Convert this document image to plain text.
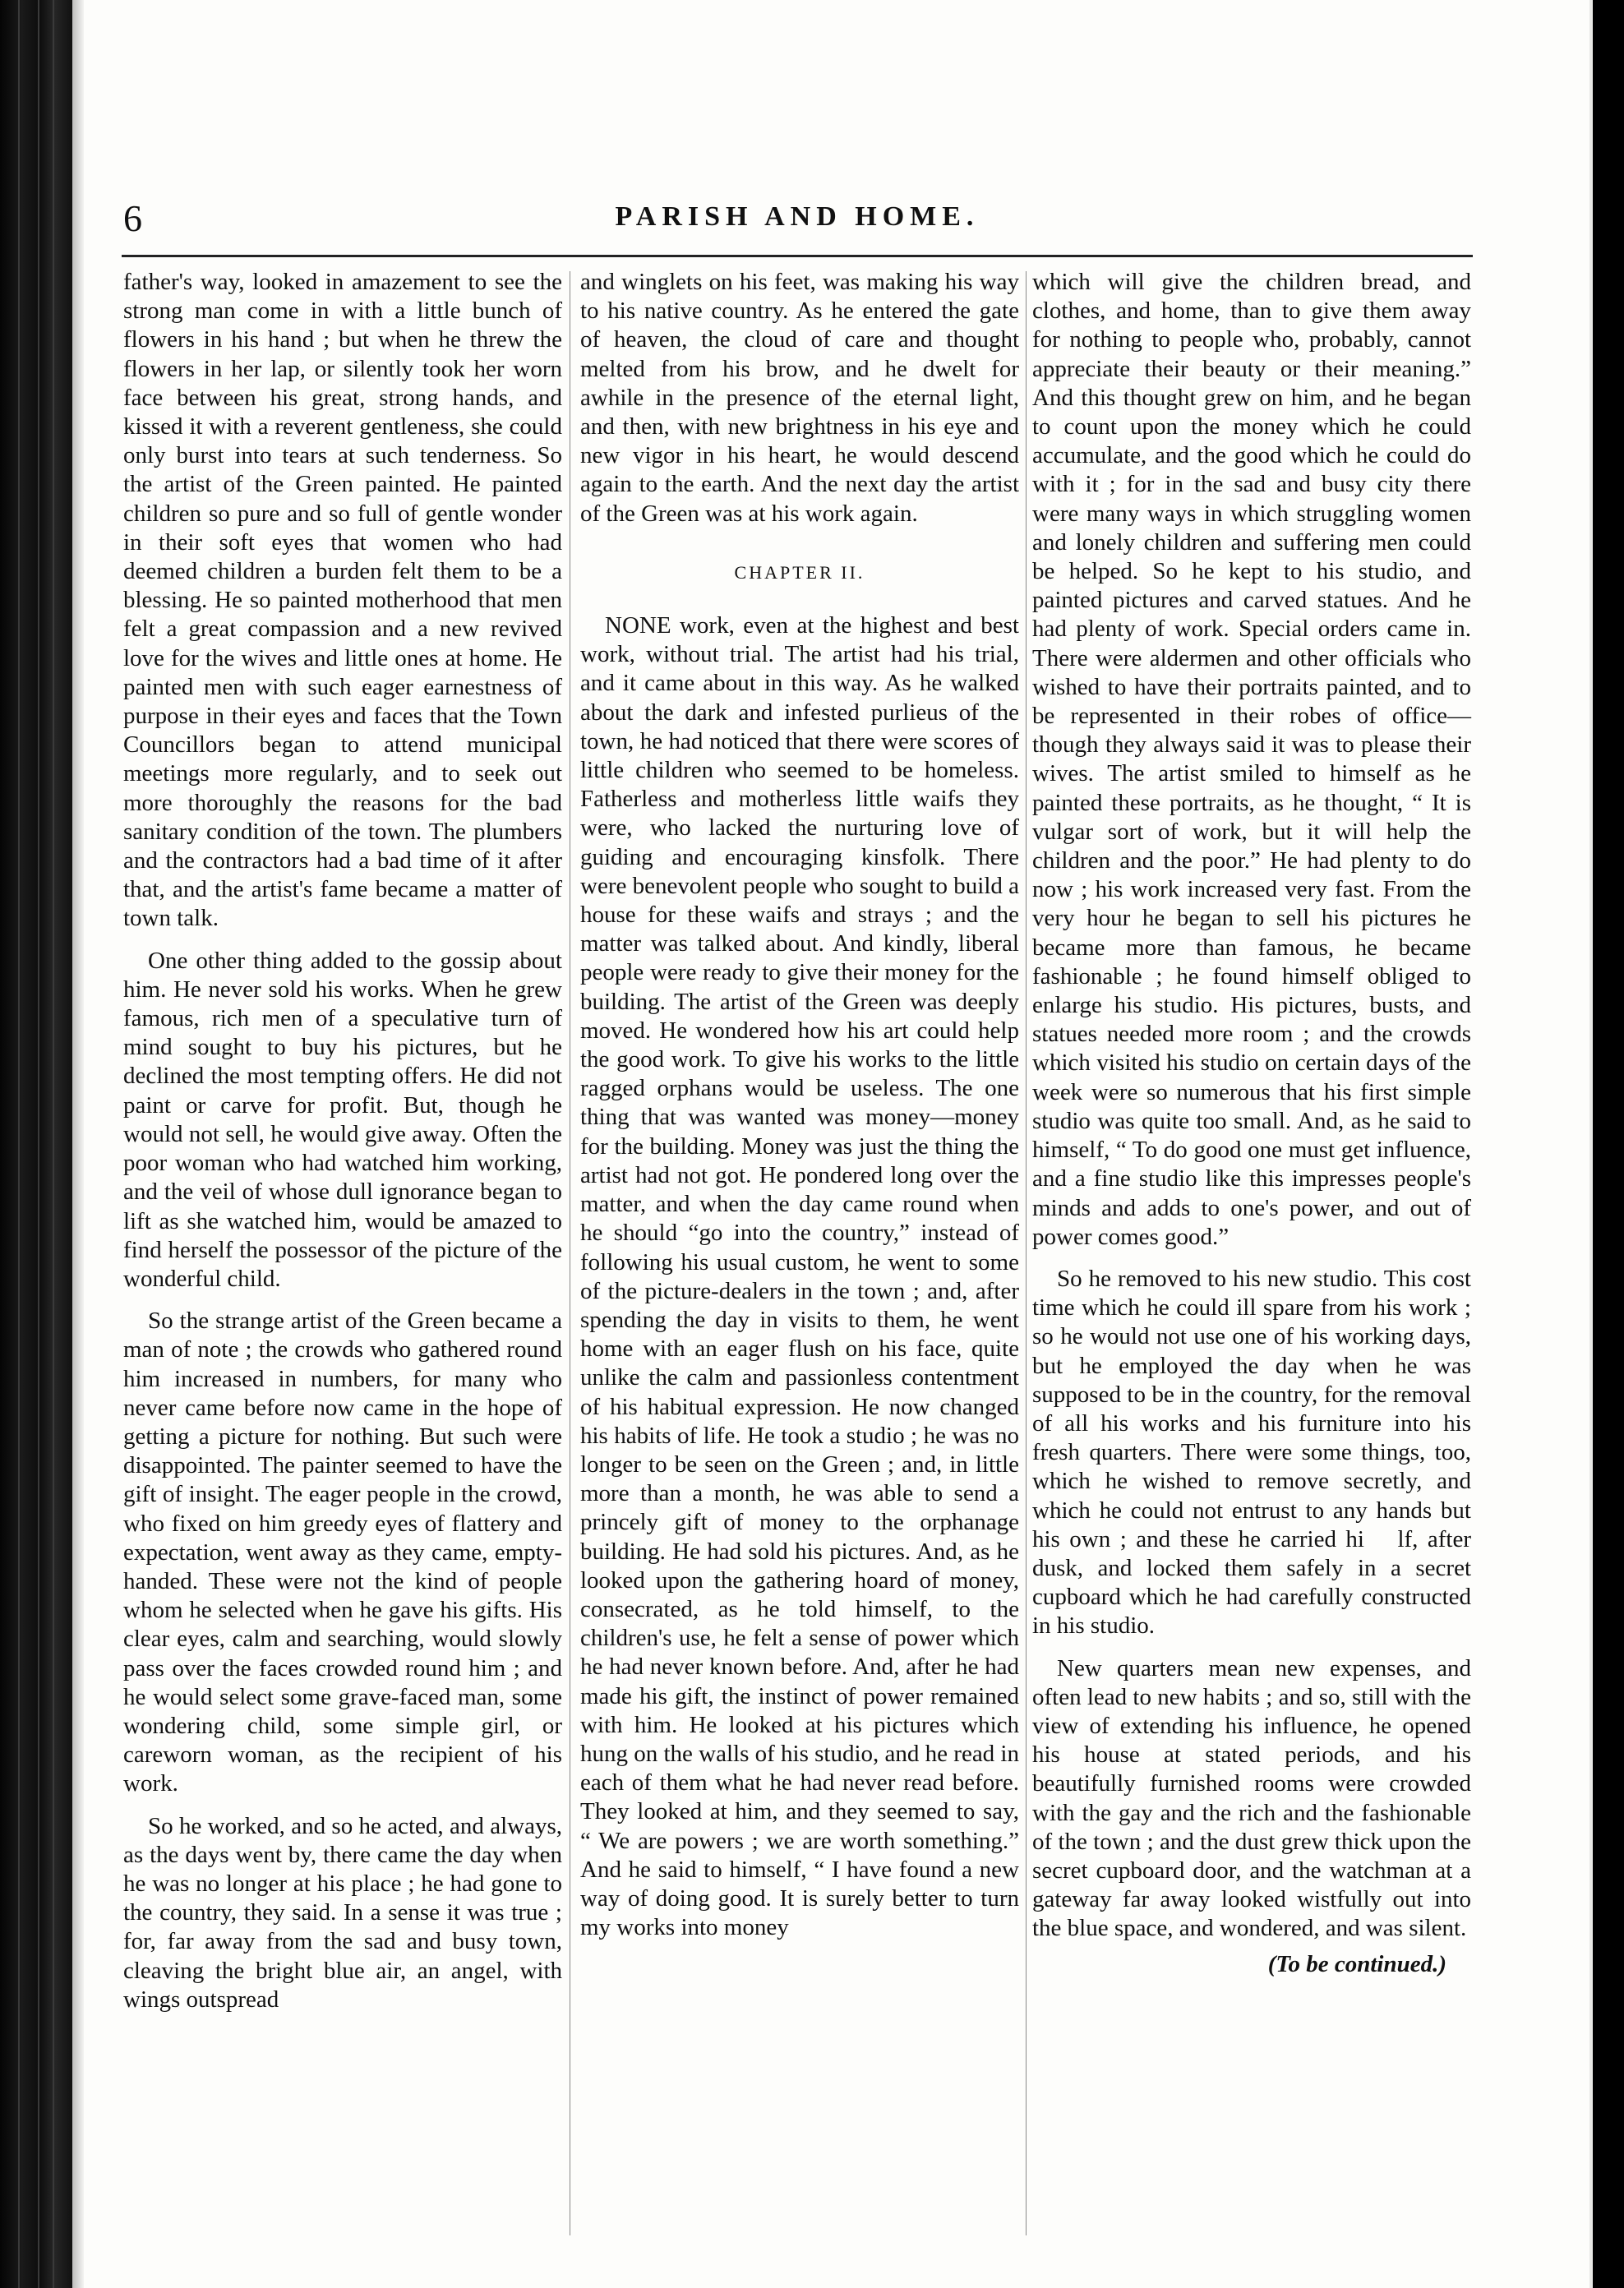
6	PARISH AND HOME.

father's way, looked in amazement to see the strong man come in with a little bunch of flowers in his hand ; but when he threw the flowers in her lap, or silently took her worn face between his great, strong hands, and kissed it with a reverent gentleness, she could only burst into tears at such tenderness. So the artist of the Green painted. He painted children so pure and so full of gentle wonder in their soft eyes that women who had deemed children a burden felt them to be a blessing. He so painted motherhood that men felt a great compassion and a new revived love for the wives and little ones at home. He painted men with such eager earnestness of purpose in their eyes and faces that the Town Councillors began to attend municipal meetings more regularly, and to seek out more thoroughly the reasons for the bad sanitary condition of the town. The plumbers and the contractors had a bad time of it after that, and the artist's fame became a matter of town talk.

One other thing added to the gossip about him. He never sold his works. When he grew famous, rich men of a speculative turn of mind sought to buy his pictures, but he declined the most tempting offers. He did not paint or carve for profit. But, though he would not sell, he would give away. Often the poor woman who had watched him working, and the veil of whose dull ignorance began to lift as she watched him, would be amazed to find herself the possessor of the picture of the wonderful child.

So the strange artist of the Green became a man of note ; the crowds who gathered round him increased in numbers, for many who never came before now came in the hope of getting a picture for nothing. But such were disappointed. The painter seemed to have the gift of insight. The eager people in the crowd, who fixed on him greedy eyes of flattery and expectation, went away as they came, empty-handed. These were not the kind of people whom he selected when he gave his gifts. His clear eyes, calm and searching, would slowly pass over the faces crowded round him ; and he would select some grave-faced man, some wondering child, some simple girl, or careworn woman, as the recipient of his work.

So he worked, and so he acted, and always, as the days went by, there came the day when he was no longer at his place ; he had gone to the country, they said. In a sense it was true ; for, far away from the sad and busy town, cleaving the bright blue air, an angel, with wings outspread

and winglets on his feet, was making his way to his native country. As he entered the gate of heaven, the cloud of care and thought melted from his brow, and he dwelt for awhile in the presence of the eternal light, and then, with new brightness in his eye and new vigor in his heart, he would descend again to the earth. And the next day the artist of the Green was at his work again.

CHAPTER II.

NONE work, even at the highest and best work, without trial. The artist had his trial, and it came about in this way. As he walked about the dark and infested purlieus of the town, he had noticed that there were scores of little children who seemed to be homeless. Fatherless and motherless little waifs they were, who lacked the nurturing love of guiding and encouraging kinsfolk. There were benevolent people who sought to build a house for these waifs and strays ; and the matter was talked about. And kindly, liberal people were ready to give their money for the building. The artist of the Green was deeply moved. He wondered how his art could help the good work. To give his works to the little ragged orphans would be useless. The one thing that was wanted was money—money for the building. Money was just the thing the artist had not got. He pondered long over the matter, and when the day came round when he should “go into the country,” instead of following his usual custom, he went to some of the picture-dealers in the town ; and, after spending the day in visits to them, he went home with an eager flush on his face, quite unlike the calm and passionless contentment of his habitual expression. He now changed his habits of life. He took a studio ; he was no longer to be seen on the Green ; and, in little more than a month, he was able to send a princely gift of money to the orphanage building. He had sold his pictures. And, as he looked upon the gathering hoard of money, consecrated, as he told himself, to the children's use, he felt a sense of power which he had never known before. And, after he had made his gift, the instinct of power remained with him. He looked at his pictures which hung on the walls of his studio, and he read in each of them what he had never read before. They looked at him, and they seemed to say, “ We are powers ; we are worth something.” And he said to himself, “ I have found a new way of doing good. It is surely better to turn my works into money

which will give the children bread, and clothes, and home, than to give them away for nothing to people who, probably, cannot appreciate their beauty or their meaning.” And this thought grew on him, and he began to count upon the money which he could accumulate, and the good which he could do with it ; for in the sad and busy city there were many ways in which struggling women and lonely children and suffering men could be helped. So he kept to his studio, and painted pictures and carved statues. And he had plenty of work. Special orders came in. There were aldermen and other officials who wished to have their portraits painted, and to be represented in their robes of office—though they always said it was to please their wives. The artist smiled to himself as he painted these portraits, as he thought, “ It is vulgar sort of work, but it will help the children and the poor.” He had plenty to do now ; his work increased very fast. From the very hour he began to sell his pictures he became more than famous, he became fashionable ; he found himself obliged to enlarge his studio. His pictures, busts, and statues needed more room ; and the crowds which visited his studio on certain days of the week were so numerous that his first simple studio was quite too small. And, as he said to himself, “ To do good one must get influence, and a fine studio like this impresses people's minds and adds to one's power, and out of power comes good.”

So he removed to his new studio. This cost time which he could ill spare from his work ; so he would not use one of his working days, but he employed the day when he was supposed to be in the country, for the removal of all his works and his furniture into his fresh quarters. There were some things, too, which he wished to remove secretly, and which he could not entrust to any hands but his own ; and these he carried hi  lf, after dusk, and locked them safely in a secret cupboard which he had carefully constructed in his studio.

New quarters mean new expenses, and often lead to new habits ; and so, still with the view of extending his influence, he opened his house at stated periods, and his beautifully furnished rooms were crowded with the gay and the rich and the fashionable of the town ; and the dust grew thick upon the secret cupboard door, and the watchman at a gateway far away looked wistfully out into the blue space, and wondered, and was silent.

(To be continued.)
